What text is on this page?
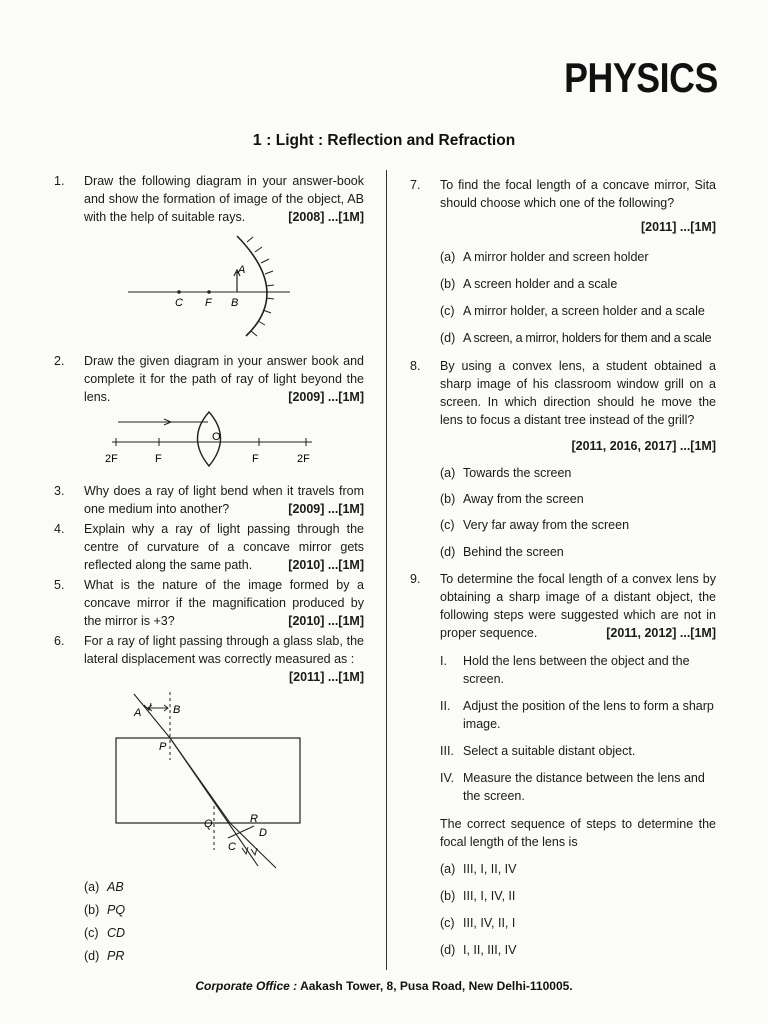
PHYSICS
1 : Light : Reflection and Refraction
1. Draw the following diagram in your answer-book and show the formation of image of the object, AB with the help of suitable rays.	[2008] ...[1M]
C F B
A
2. Draw the given diagram in your answer book and complete it for the path of ray of light beyond the lens.	[2009] ...[1M]
2F	F
O
F	2F
3. Why does a ray of light bend when it travels from one medium into another?	[2009] ...[1M]
4. Explain why a ray of light passing through the centre of curvature of a concave mirror gets reflected along the same path.	[2010] ...[1M]
5. What is the nature of the image formed by a concave mirror if the magnification produced by the mirror is +3?	[2010] ...[1M]
6. For a ray of light passing through a glass slab, the lateral displacement was correctly measured as :
[2011] ...[1M]
A	B
P
Q	R
D
C
(a) AB
(b) PQ
(c) CD
(d) PR
7. To find the focal length of a concave mirror, Sita should choose which one of the following?
[2011] ...[1M]
(a) A mirror holder and screen holder
(b) A screen holder and a scale
(c) A mirror holder, a screen holder and a scale
(d) A screen, a mirror, holders for them and a scale
8. By using a convex lens, a student obtained a sharp image of his classroom window grill on a screen. In which direction should he move the lens to focus a distant tree instead of the grill?
[2011, 2016, 2017] ...[1M]
(a) Towards the screen
(b) Away from the screen
(c) Very far away from the screen
(d) Behind the screen
9. To determine the focal length of a convex lens by obtaining a sharp image of a distant object, the following steps were suggested which are not in proper sequence.	[2011, 2012] ...[1M]
I. Hold the lens between the object and the screen.
II. Adjust the position of the lens to form a sharp image.
III. Select a suitable distant object.
IV. Measure the distance between the lens and the screen.
The correct sequence of steps to determine the focal length of the lens is
(a) III, I, II, IV
(b) III, I, IV, II
(c) III, IV, II, I
(d) I, II, III, IV
Corporate Office : Aakash Tower, 8, Pusa Road, New Delhi-110005.
